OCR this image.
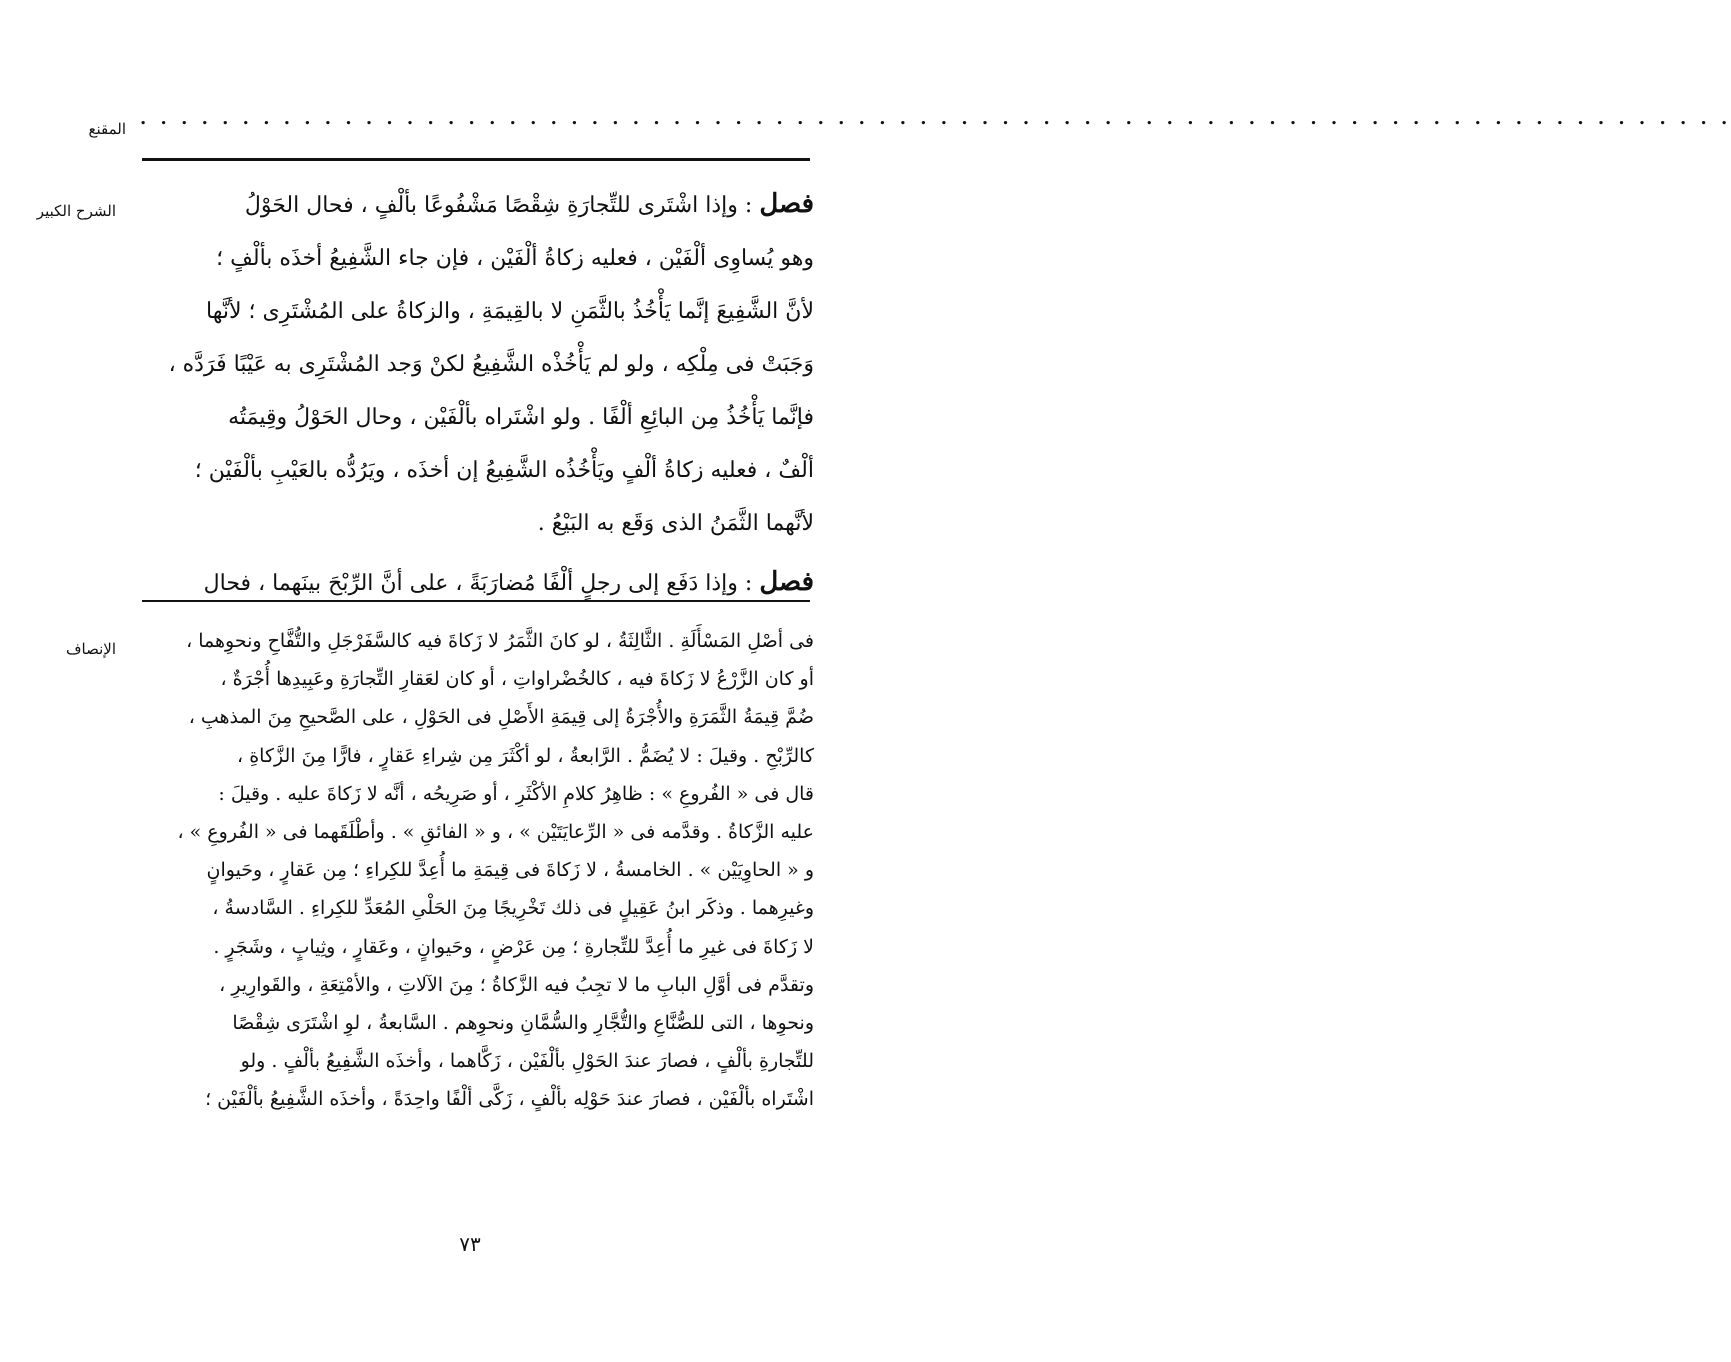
. . . . . . . . . . . . . . . . . . . . . . . . . . . . . . . . . . . . . . . . . . . . . . . . . . . . . . . . . . . . . . . . . . . . . . . . . . . . . .
المقنع
الشرح الكبير	فصل : وإذا اشْتَرى للتِّجارَةِ شِقْصًا مَشْفُوعًا بألْفٍ ، فحال الحَوْلُ
وهو يُساوِى ألْفَيْن ، فعليه زكاةُ ألْفَيْن ، فإن جاء الشَّفِيعُ أخذَه بألْفٍ ؛
لأنَّ الشَّفِيعَ إنَّما يَأْخُذُ بالثَّمَنِ لا بالقِيمَةِ ، والزكاةُ على المُشْتَرِى ؛ لأنَّها
وَجَبَتْ فى مِلْكِه ، ولو لم يَأْخُذْه الشَّفِيعُ لكنْ وَجد المُشْتَرِى به عَيْبًا فَرَدَّه ،
فإنَّما يَأْخُذُ مِن البائِعِ ألْفًا . ولو اشْتَراه بألْفَيْن ، وحال الحَوْلُ وقِيمَتُه
ألْفٌ ، فعليه زكاةُ ألْفٍ ويَأْخُذُه الشَّفِيعُ إن أخذَه ، ويَرُدُّه بالعَيْبِ بألْفَيْن ؛
لأنَّهما الثَّمَنُ الذى وَقَع به البَيْعُ .
فصل : وإذا دَفَع إلى رجلٍ ألْفًا مُضارَبَةً ، على أنَّ الرِّبْحَ بينَهما ، فحال
الإنصاف	فى أصْلِ المَسْأَلَةِ . الثَّالِثَةُ ، لو كانَ الثَّمَرُ لا زَكاةَ فيه كالسَّفَرْجَلِ والتُّفَّاحِ ونحوِهما ،
أو كان الزَّرْعُ لا زَكاةَ فيه ، كالخُضْراواتِ ، أو كان لعَقارِ التِّجارَةِ وعَبِيدِها أُجْرَةٌ ،
ضُمَّ قِيمَةُ الثَّمَرَةِ والأُجْرَةُ إلى قِيمَةِ الأَصْلِ فى الحَوْلِ ، على الصَّحيحِ مِنَ المذهبِ ،
كالرِّبْحِ . وقيلَ : لا يُضَمُّ . الرَّابعةُ ، لو أكْثَرَ مِن شِراءِ عَقارٍ ، فارًّا مِنَ الزَّكاةِ ،
قال فى « الفُروعِ » : ظاهِرُ كلامِ الأكْثَرِ ، أو صَرِيحُه ، أنَّه لا زَكاةَ عليه . وقيلَ :
عليه الزَّكاةُ . وقدَّمه فى « الرِّعايَتَيْن » ، و « الفائقِ » . وأطْلَقَهما فى « الفُروعِ » ،
و « الحاوِيَيْن » . الخامسةُ ، لا زَكاةَ فى قِيمَةِ ما أُعِدَّ للكِراءِ ؛ مِن عَقارٍ ، وحَيوانٍ
وغيرِهما . وذكَر ابنُ عَقِيلٍ فى ذلك تَخْرِيجًا مِنَ الحَلْىِ المُعَدِّ للكِراءِ . السَّادسةُ ،
لا زَكاةَ فى غيرِ ما أُعِدَّ للتِّجارةِ ؛ مِن عَرْضٍ ، وحَيوانٍ ، وعَقارٍ ، وثِيابٍ ، وشَجَرٍ .
وتقدَّم فى أوَّلِ البابِ ما لا تجِبُ فيه الزَّكاةُ ؛ مِنَ الآلاتِ ، والأمْتِعَةِ ، والقَوارِيرِ ،
ونحوِها ، التى للصُّنَّاعِ والتُّجَّارِ والسُّمَّانِ ونحوِهم . السَّابعةُ ، لوِ اشْتَرَى شِقْصًا
للتِّجارةِ بألْفٍ ، فصارَ عندَ الحَوْلِ بألْفَيْن ، زَكَّاهما ، وأخذَه الشَّفِيعُ بألْفٍ . ولو
اشْتَراه بألْفَيْن ، فصارَ عندَ حَوْلِه بألْفٍ ، زَكَّى ألْفًا واحِدَةً ، وأخذَه الشَّفِيعُ بألْفَيْن ؛
٧٣
